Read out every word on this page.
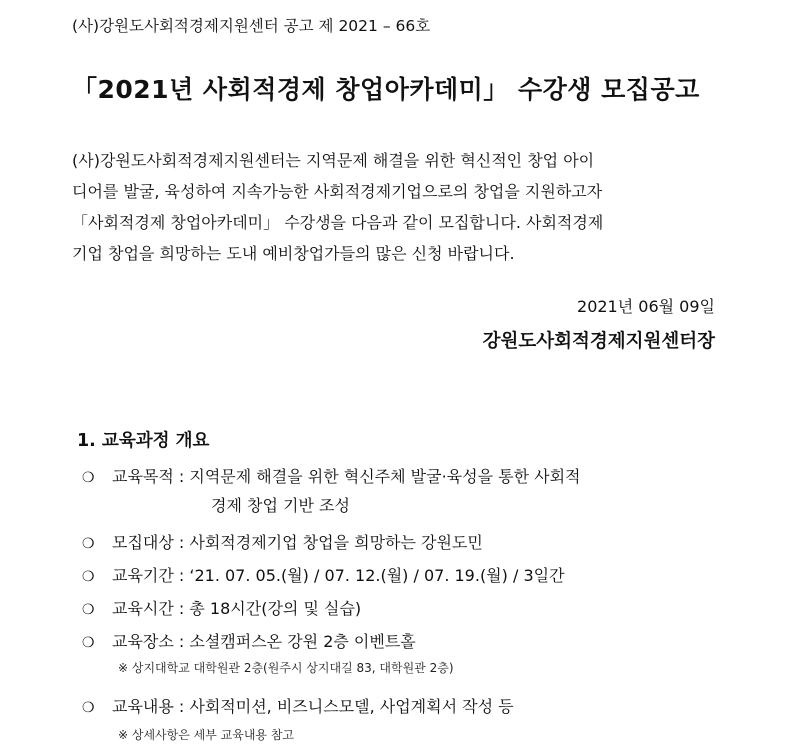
(사)강원도사회적경제지원센터 공고 제 2021 – 66호
「2021년 사회적경제 창업아카데미」 수강생 모집공고
(사)강원도사회적경제지원센터는 지역문제 해결을 위한 혁신적인 창업 아이
디어를 발굴, 육성하여 지속가능한 사회적경제기업으로의 창업을 지원하고자
「사회적경제 창업아카데미」 수강생을 다음과 같이 모집합니다. 사회적경제
기업 창업을 희망하는 도내 예비창업가들의 많은 신청 바랍니다.
2021년 06월 09일
강원도사회적경제지원센터장
1. 교육과정 개요
❍ 교육목적 : 지역문제 해결을 위한 혁신주체 발굴·육성을 통한 사회적
경제 창업 기반 조성
❍ 모집대상 : 사회적경제기업 창업을 희망하는 강원도민
❍ 교육기간 : ‘21. 07. 05.(월) / 07. 12.(월) / 07. 19.(월) / 3일간
❍ 교육시간 : 총 18시간(강의 및 실습)
❍ 교육장소 : 소셜캠퍼스온 강원 2층 이벤트홀
※ 상지대학교 대학원관 2층(원주시 상지대길 83, 대학원관 2층)
❍ 교육내용 : 사회적미션, 비즈니스모델, 사업계획서 작성 등
※ 상세사항은 세부 교육내용 참고
